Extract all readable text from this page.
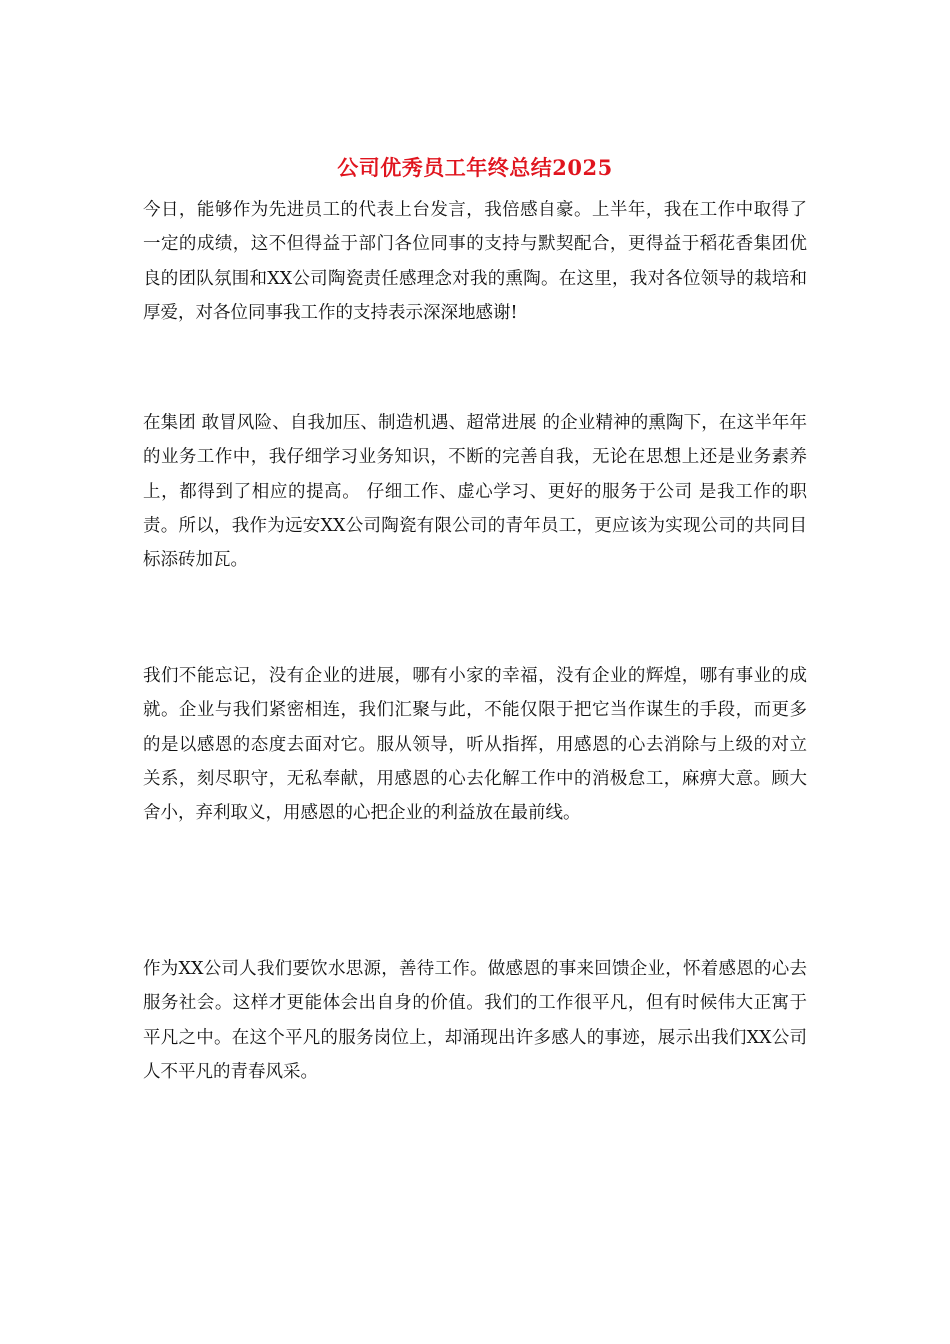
公司优秀员工年终总结2025

今日，能够作为先进员工的代表上台发言，我倍感自豪。上半年，我在工作中取得了一定的成绩，这不但得益于部门各位同事的支持与默契配合，更得益于稻花香集团优良的团队氛围和XX公司陶瓷责任感理念对我的熏陶。在这里，我对各位领导的栽培和厚爱，对各位同事我工作的支持表示深深地感谢!

在集团 敢冒风险、自我加压、制造机遇、超常进展 的企业精神的熏陶下，在这半年年的业务工作中，我仔细学习业务知识，不断的完善自我，无论在思想上还是业务素养上，都得到了相应的提高。 仔细工作、虚心学习、更好的服务于公司 是我工作的职责。所以，我作为远安XX公司陶瓷有限公司的青年员工，更应该为实现公司的共同目标添砖加瓦。

我们不能忘记，没有企业的进展，哪有小家的幸福，没有企业的辉煌，哪有事业的成就。企业与我们紧密相连，我们汇聚与此，不能仅限于把它当作谋生的手段，而更多的是以感恩的态度去面对它。服从领导，听从指挥，用感恩的心去消除与上级的对立关系，刻尽职守，无私奉献，用感恩的心去化解工作中的消极怠工，麻痹大意。顾大舍小，弃利取义，用感恩的心把企业的利益放在最前线。

作为XX公司人我们要饮水思源，善待工作。做感恩的事来回馈企业，怀着感恩的心去服务社会。这样才更能体会出自身的价值。我们的工作很平凡，但有时候伟大正寓于平凡之中。在这个平凡的服务岗位上，却涌现出许多感人的事迹，展示出我们XX公司人不平凡的青春风采。
